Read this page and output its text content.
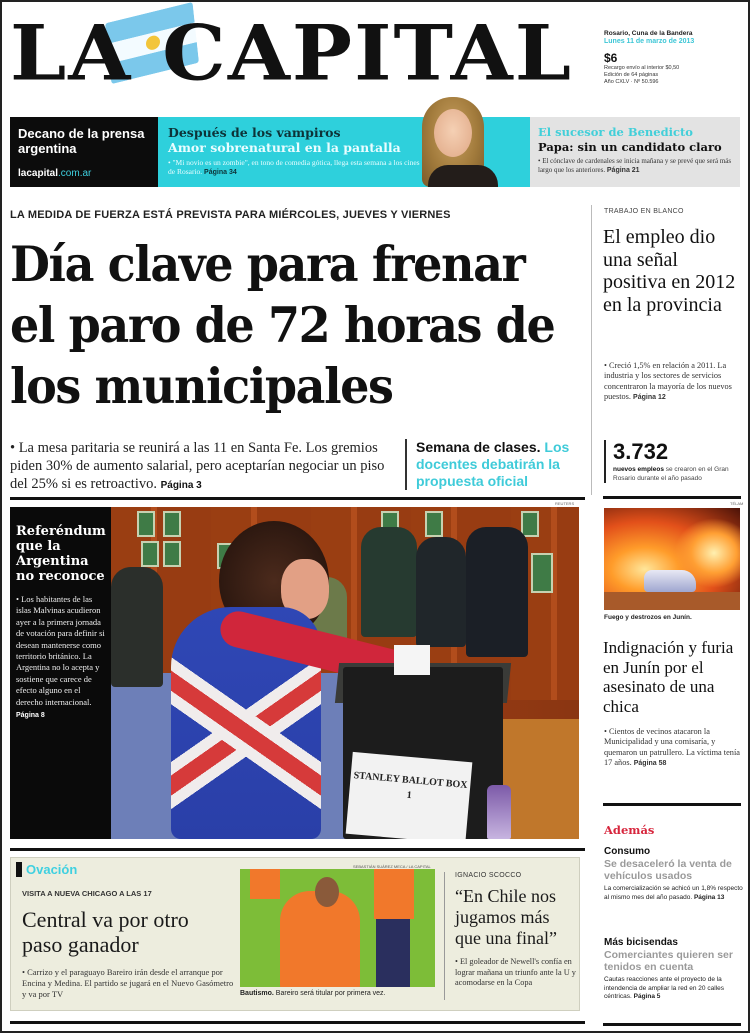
LA CAPITAL	Rosario, Cuna de la Bandera
Lunes 11 de marzo de 2013
$6
Recargo envío al interior $0,50
Edición de 64 páginas
Año CXLV · Nº 50.596
Decano de la prensa argentina
lacapital.com.ar
Después de los vampiros
Amor sobrenatural en la pantalla
• "Mi novio es un zombie", en tono de comedia gótica, llega esta semana a los cines de Rosario. Página 34
El sucesor de Benedicto
Papa: sin un candidato claro
• El cónclave de cardenales se inicia mañana y se prevé que será más largo que los anteriores. Página 21
LA MEDIDA DE FUERZA ESTÁ PREVISTA PARA MIÉRCOLES, JUEVES Y VIERNES
Día clave para frenar el paro de 72 horas de los municipales
• La mesa paritaria se reunirá a las 11 en Santa Fe. Los gremios piden 30% de aumento salarial, pero aceptarían negociar un piso del 25% si es retroactivo. Página 3
Semana de clases. Los docentes debatirán la propuesta oficial
REUTERS
Referéndum que la Argentina no reconoce
• Los habitantes de las islas Malvinas acudieron ayer a la primera jornada de votación para definir si desean mantenerse como territorio británico. La Argentina no lo acepta y sostiene que carece de efecto alguno en el derecho internacional.
Página 8
STANLEY BALLOT BOX 1
Ovación
VISITA A NUEVA CHICAGO A LAS 17
Central va por otro paso ganador
• Carrizo y el paraguayo Bareiro irán desde el arranque por Encina y Medina. El partido se jugará en el Nuevo Gasómetro y va por TV
SEBASTIÁN SUÁREZ MECA / LA CAPITAL
Bautismo. Bareiro será titular por primera vez.
IGNACIO SCOCCO
“En Chile nos jugamos más que una final”
• El goleador de Newell's confía en lograr mañana un triunfo ante la U y acomodarse en la Copa
TRABAJO EN BLANCO
El empleo dio una señal positiva en 2012 en la provincia
• Creció 1,5% en relación a 2011. La industria y los sectores de servicios concentraron la mayoría de los nuevos puestos. Página 12
3.732
nuevos empleos se crearon en el Gran Rosario durante el año pasado
TÉLAM
Fuego y destrozos en Junín.
Indignación y furia en Junín por el asesinato de una chica
• Cientos de vecinos atacaron la Municipalidad y una comisaría, y quemaron un patrullero. La víctima tenía 17 años. Página 58
Además
Consumo
Se desaceleró la venta de vehículos usados
La comercialización se achicó un 1,8% respecto al mismo mes del año pasado. Página 13
Más bicisendas
Comerciantes quieren ser tenidos en cuenta
Cautas reacciones ante el proyecto de la intendencia de ampliar la red en 20 calles céntricas. Página 5
